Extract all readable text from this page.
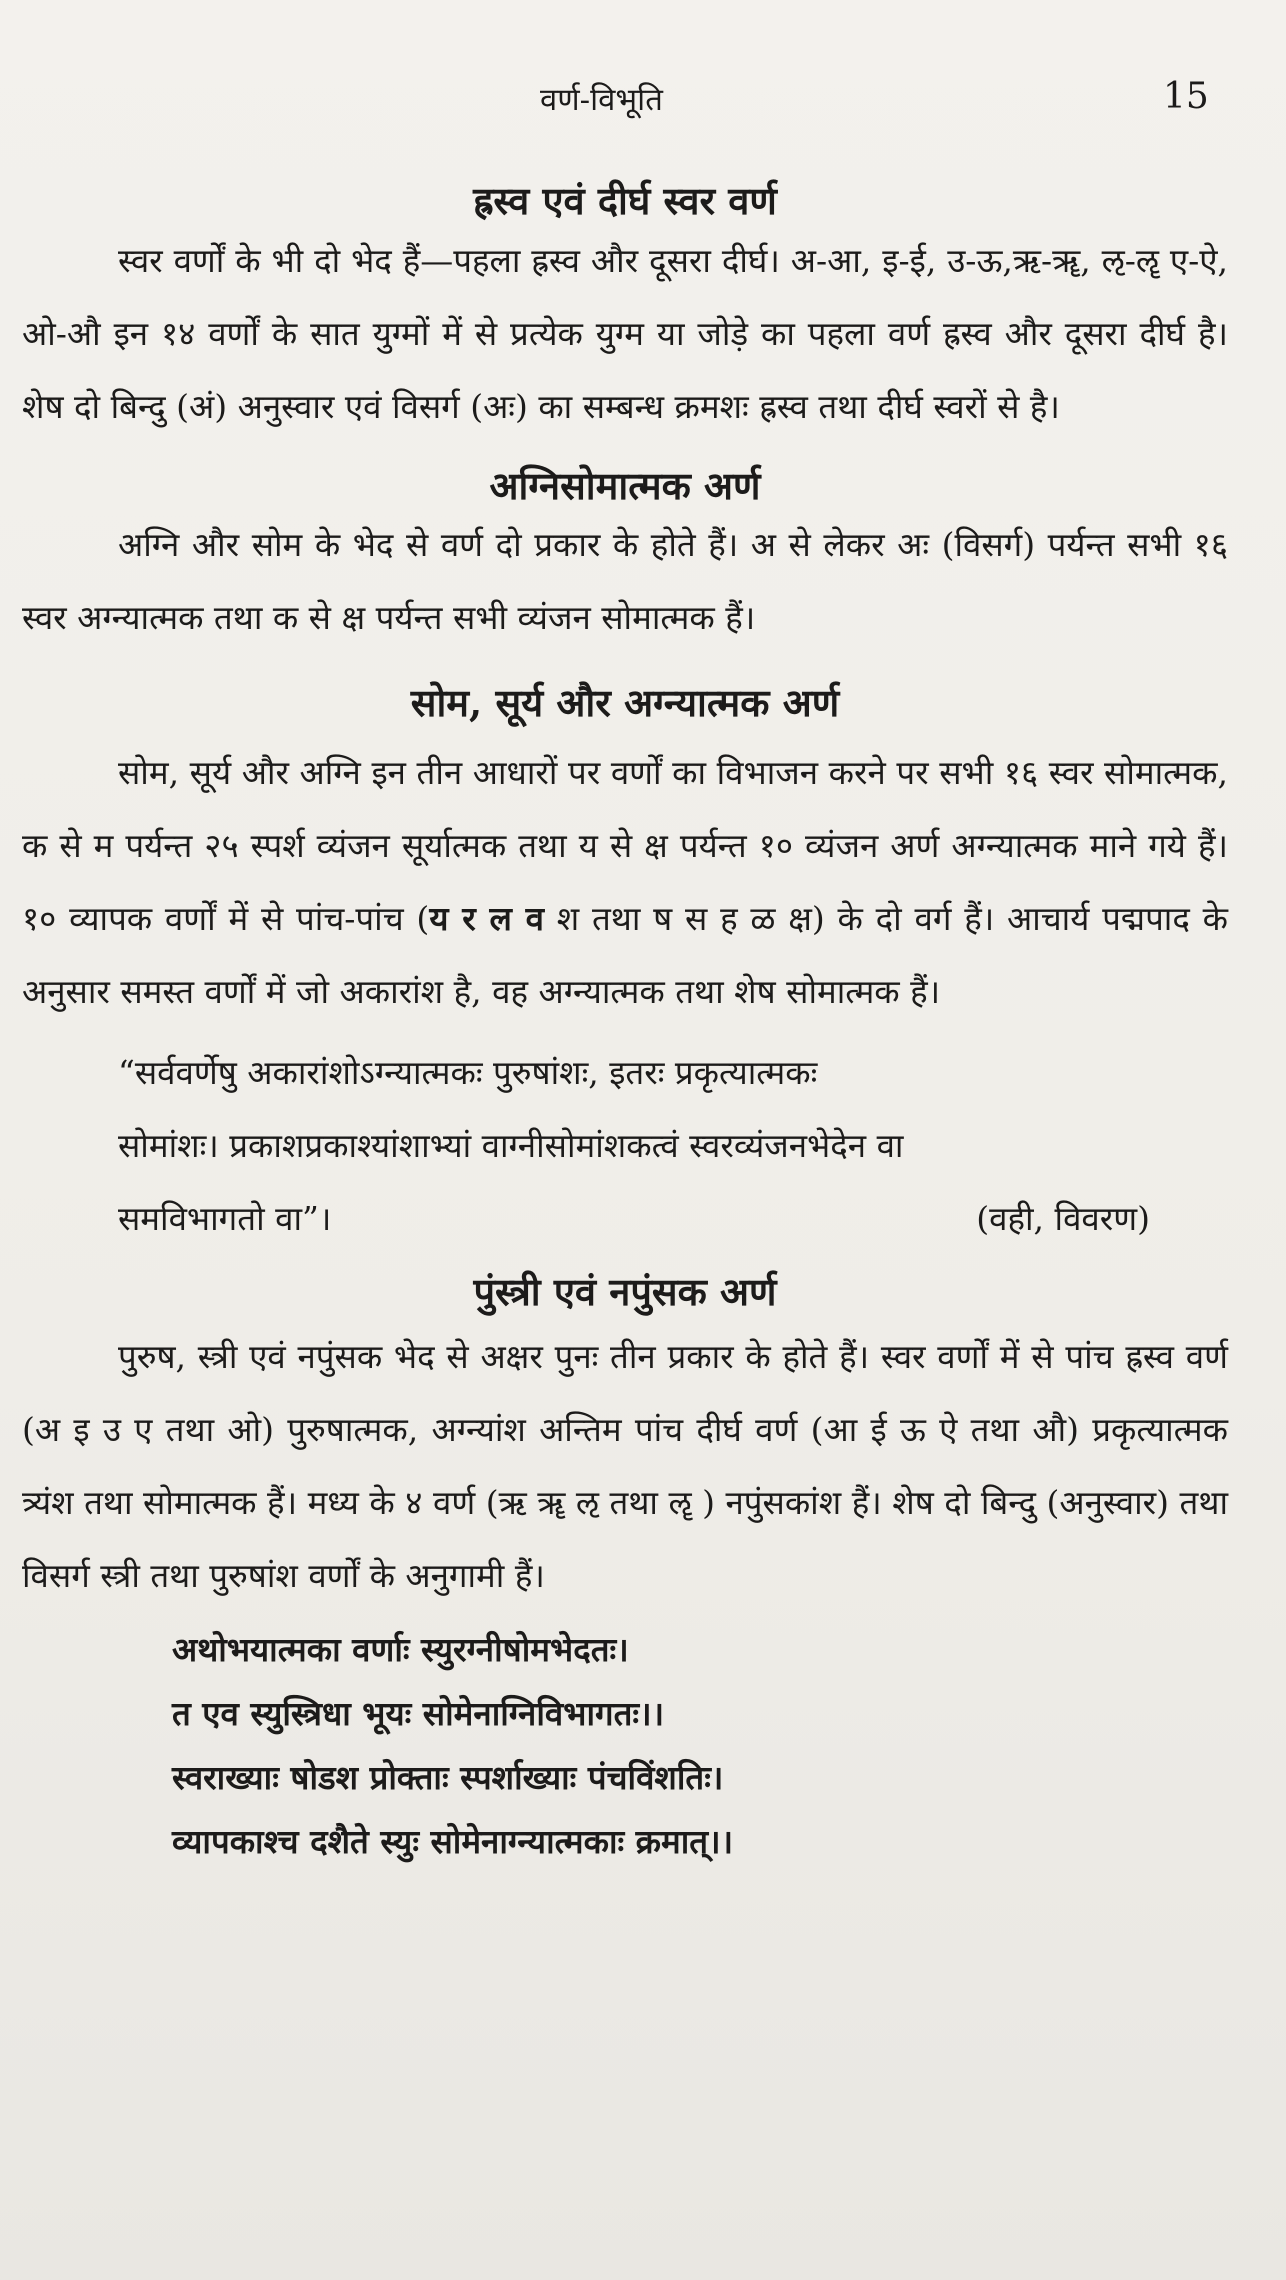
वर्ण-विभूति	15
ह्रस्व एवं दीर्घ स्वर वर्ण

स्वर वर्णों के भी दो भेद हैं—पहला ह्रस्व और दूसरा दीर्घ। अ-आ, इ-ई, उ-ऊ,ऋ-ॠ, ऌ-ॡ ए-ऐ, ओ-औ इन १४ वर्णों के सात युग्मों में से प्रत्येक युग्म या जोड़े का पहला वर्ण ह्रस्व और दूसरा दीर्घ है। शेष दो बिन्दु (अं) अनुस्वार एवं विसर्ग (अः) का सम्बन्ध क्रमशः ह्रस्व तथा दीर्घ स्वरों से है।

अग्निसोमात्मक अर्ण

अग्नि और सोम के भेद से वर्ण दो प्रकार के होते हैं। अ से लेकर अः (विसर्ग) पर्यन्त सभी १६ स्वर अग्न्यात्मक तथा क से क्ष पर्यन्त सभी व्यंजन सोमात्मक हैं।

सोम, सूर्य और अग्न्यात्मक अर्ण

सोम, सूर्य और अग्नि इन तीन आधारों पर वर्णों का विभाजन करने पर सभी १६ स्वर सोमात्मक, क से म पर्यन्त २५ स्पर्श व्यंजन सूर्यात्मक तथा य से क्ष पर्यन्त १० व्यंजन अर्ण अग्न्यात्मक माने गये हैं। १० व्यापक वर्णों में से पांच-पांच (य र ल व श तथा ष स ह ळ क्ष) के दो वर्ग हैं। आचार्य पद्मपाद के अनुसार समस्त वर्णों में जो अकारांश है, वह अग्न्यात्मक तथा शेष सोमात्मक हैं।

“सर्ववर्णेषु अकारांशोऽग्न्यात्मकः पुरुषांशः, इतरः प्रकृत्यात्मकः
सोमांशः। प्रकाशप्रकाश्यांशाभ्यां वाग्नीसोमांशकत्वं स्वरव्यंजनभेदेन वा
समविभागतो वा”।	(वही, विवरण)
पुंस्त्री एवं नपुंसक अर्ण

पुरुष, स्त्री एवं नपुंसक भेद से अक्षर पुनः तीन प्रकार के होते हैं। स्वर वर्णों में से पांच ह्रस्व वर्ण (अ इ उ ए तथा ओ) पुरुषात्मक, अग्न्यांश अन्तिम पांच दीर्घ वर्ण (आ ई ऊ ऐ तथा औ) प्रकृत्यात्मक त्र्यंश तथा सोमात्मक हैं। मध्य के ४ वर्ण (ऋ ॠ ऌ तथा ॡ ) नपुंसकांश हैं। शेष दो बिन्दु (अनुस्वार) तथा विसर्ग स्त्री तथा पुरुषांश वर्णों के अनुगामी हैं।

अथोभयात्मका वर्णाः स्युरग्नीषोमभेदतः।
त एव स्युस्त्रिधा भूयः सोमेनाग्निविभागतः।।
स्वराख्याः षोडश प्रोक्ताः स्पर्शाख्याः पंचविंशतिः।
व्यापकाश्च दशैते स्युः सोमेनाग्न्यात्मकाः क्रमात्।।
